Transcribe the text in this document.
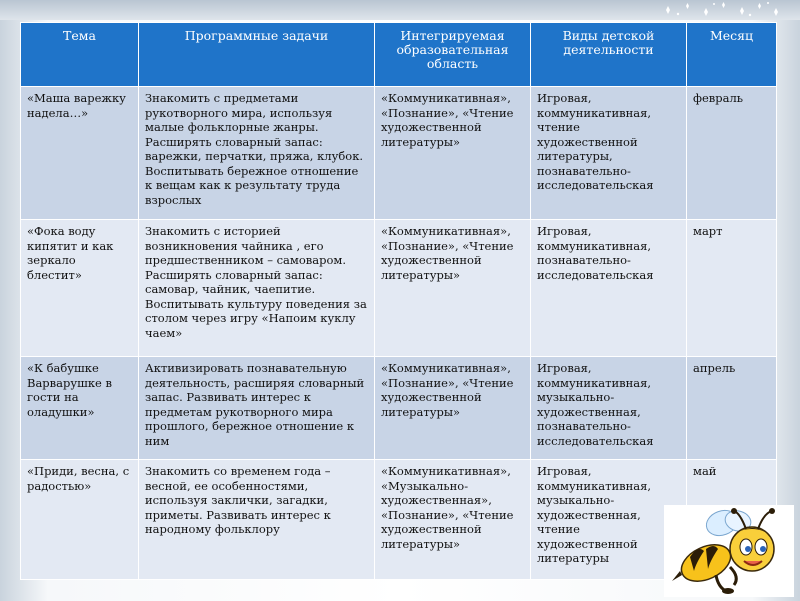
Тема	Программные задачи	Интегрируемая образовательная область	Виды детской деятельности	Месяц
«Маша варежку надела…»	Знакомить с предметами рукотворного мира, используя малые фольклорные жанры. Расширять словарный запас: варежки, перчатки, пряжа, клубок. Воспитывать бережное отношение к вещам как к результату труда взрослых	«Коммуникативная», «Познание», «Чтение художественной литературы»	Игровая, коммуникативная, чтение художественной литературы, познавательно-исследовательская	февраль
«Фока воду кипятит и как зеркало блестит»	Знакомить с историей возникновения чайника , его предшественником – самоваром. Расширять словарный запас: самовар, чайник, чаепитие. Воспитывать культуру поведения за столом через игру «Напоим куклу чаем»	«Коммуникативная», «Познание», «Чтение художественной литературы»	Игровая, коммуникативная, познавательно-исследовательская	март
«К бабушке Варварушке в гости на оладушки»	Активизировать познавательную деятельность, расширяя словарный запас. Развивать интерес к предметам рукотворного мира прошлого, бережное отношение к ним	«Коммуникативная», «Познание», «Чтение художественной литературы»	Игровая, коммуникативная, музыкально-художественная, познавательно-исследовательская	апрель
«Приди, весна, с радостью»	Знакомить со временем года – весной, ее особенностями, используя заклички, загадки, приметы. Развивать интерес к народному фольклору	«Коммуникативная», «Музыкально-художественная», «Познание», «Чтение художественной литературы»	Игровая, коммуникативная, музыкально-художественная, чтение художественной литературы	май
